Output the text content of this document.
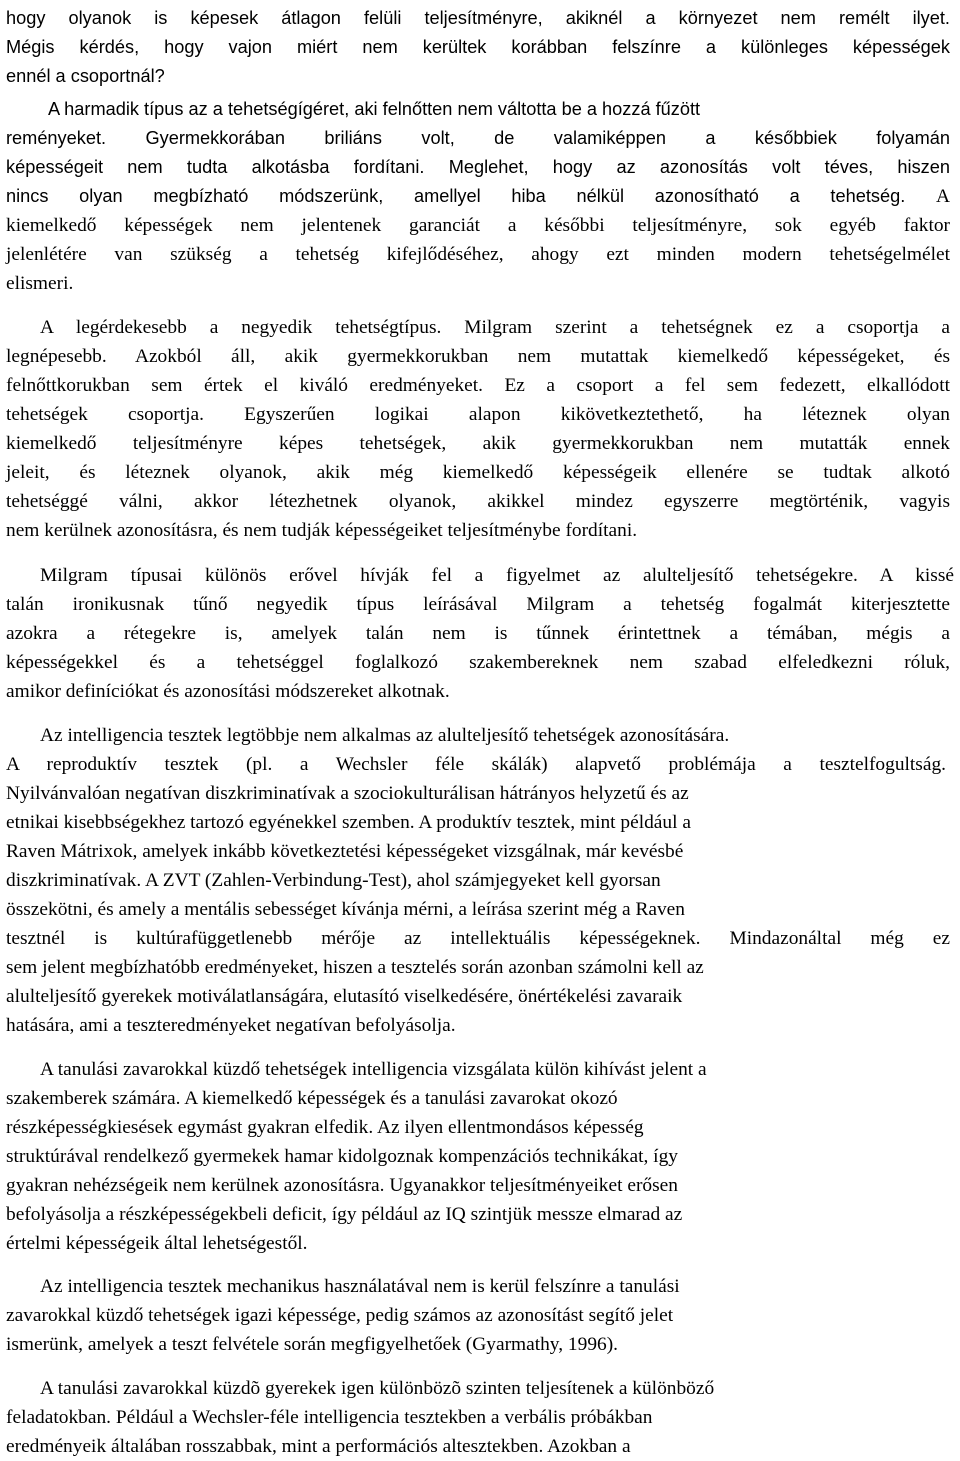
hogy olyanok is képesek átlagon felüli teljesítményre, akiknél a környezet nem remélt ilyet.
Mégis kérdés, hogy vajon miért nem kerültek korábban felszínre a különleges képességek
ennél a csoportnál?
A harmadik típus az a tehetségígéret, aki felnőtten nem váltotta be a hozzá fűzött
reményeket. Gyermekkorában briliáns volt, de valamiképpen a későbbiek folyamán
képességeit nem tudta alkotásba fordítani. Meglehet, hogy az azonosítás volt téves, hiszen
nincs olyan megbízható módszerünk, amellyel hiba nélkül azonosítható a tehetség. A
kiemelkedő képességek nem jelentenek garanciát a későbbi teljesítményre, sok egyéb faktor
jelenlétére van szükség a tehetség kifejlődéséhez, ahogy ezt minden modern tehetségelmélet
elismeri.
A legérdekesebb a negyedik tehetségtípus. Milgram szerint a tehetségnek ez a csoportja a
legnépesebb. Azokból áll, akik gyermekkorukban nem mutattak kiemelkedő képességeket, és
felnőttkorukban sem értek el kiváló eredményeket. Ez a csoport a fel sem fedezett, elkallódott
tehetségek csoportja. Egyszerűen logikai alapon kikövetkeztethető, ha léteznek olyan
kiemelkedő teljesítményre képes tehetségek, akik gyermekkorukban nem mutatták ennek
jeleit, és léteznek olyanok, akik még kiemelkedő képességeik ellenére se tudtak alkotó
tehetséggé válni, akkor létezhetnek olyanok, akikkel mindez egyszerre megtörténik, vagyis
nem kerülnek azonosításra, és nem tudják képességeiket teljesítménybe fordítani.
Milgram típusai különös erővel hívják fel a figyelmet az alulteljesítő tehetségekre. A kissé
talán ironikusnak tűnő negyedik típus leírásával Milgram a tehetség fogalmát kiterjesztette
azokra a rétegekre is, amelyek talán nem is tűnnek érintettnek a témában, mégis a
képességekkel és a tehetséggel foglalkozó szakembereknek nem szabad elfeledkezni róluk,
amikor definíciókat és azonosítási módszereket alkotnak.
Az intelligencia tesztek legtöbbje nem alkalmas az alulteljesítő tehetségek azonosítására.
A reproduktív tesztek (pl. a Wechsler féle skálák) alapvető problémája a tesztelfogultság.
Nyilvánvalóan negatívan diszkriminatívak a szociokulturálisan hátrányos helyzetű és az
etnikai kisebbségekhez tartozó egyénekkel szemben. A produktív tesztek, mint például a
Raven Mátrixok, amelyek inkább következtetési képességeket vizsgálnak, már kevésbé
diszkriminatívak. A ZVT (Zahlen-Verbindung-Test), ahol számjegyeket kell gyorsan
összekötni, és amely a mentális sebességet kívánja mérni, a leírása szerint még a Raven
tesztnél is kultúrafüggetlenebb mérője az intellektuális képességeknek. Mindazonáltal még ez
sem jelent megbízhatóbb eredményeket, hiszen a tesztelés során azonban számolni kell az
alulteljesítő gyerekek motiválatlanságára, elutasító viselkedésére, önértékelési zavaraik
hatására, ami a teszteredményeket negatívan befolyásolja.
A tanulási zavarokkal küzdő tehetségek intelligencia vizsgálata külön kihívást jelent a
szakemberek számára. A kiemelkedő képességek és a tanulási zavarokat okozó
részképességkiesések egymást gyakran elfedik. Az ilyen ellentmondásos képesség
struktúrával rendelkező gyermekek hamar kidolgoznak kompenzációs technikákat, így
gyakran nehézségeik nem kerülnek azonosításra. Ugyanakkor teljesítményeiket erősen
befolyásolja a részképességekbeli deficit, így például az IQ szintjük messze elmarad az
értelmi képességeik által lehetségestől.
Az intelligencia tesztek mechanikus használatával nem is kerül felszínre a tanulási
zavarokkal küzdő tehetségek igazi képessége, pedig számos az azonosítást segítő jelet
ismerünk, amelyek a teszt felvétele során megfigyelhetőek (Gyarmathy, 1996).
A tanulási zavarokkal küzdõ gyerekek igen különbözõ szinten teljesítenek a különböző
feladatokban. Például a Wechsler-féle intelligencia tesztekben a verbális próbákban
eredményeik általában rosszabbak, mint a performációs altesztekben. Azokban a
